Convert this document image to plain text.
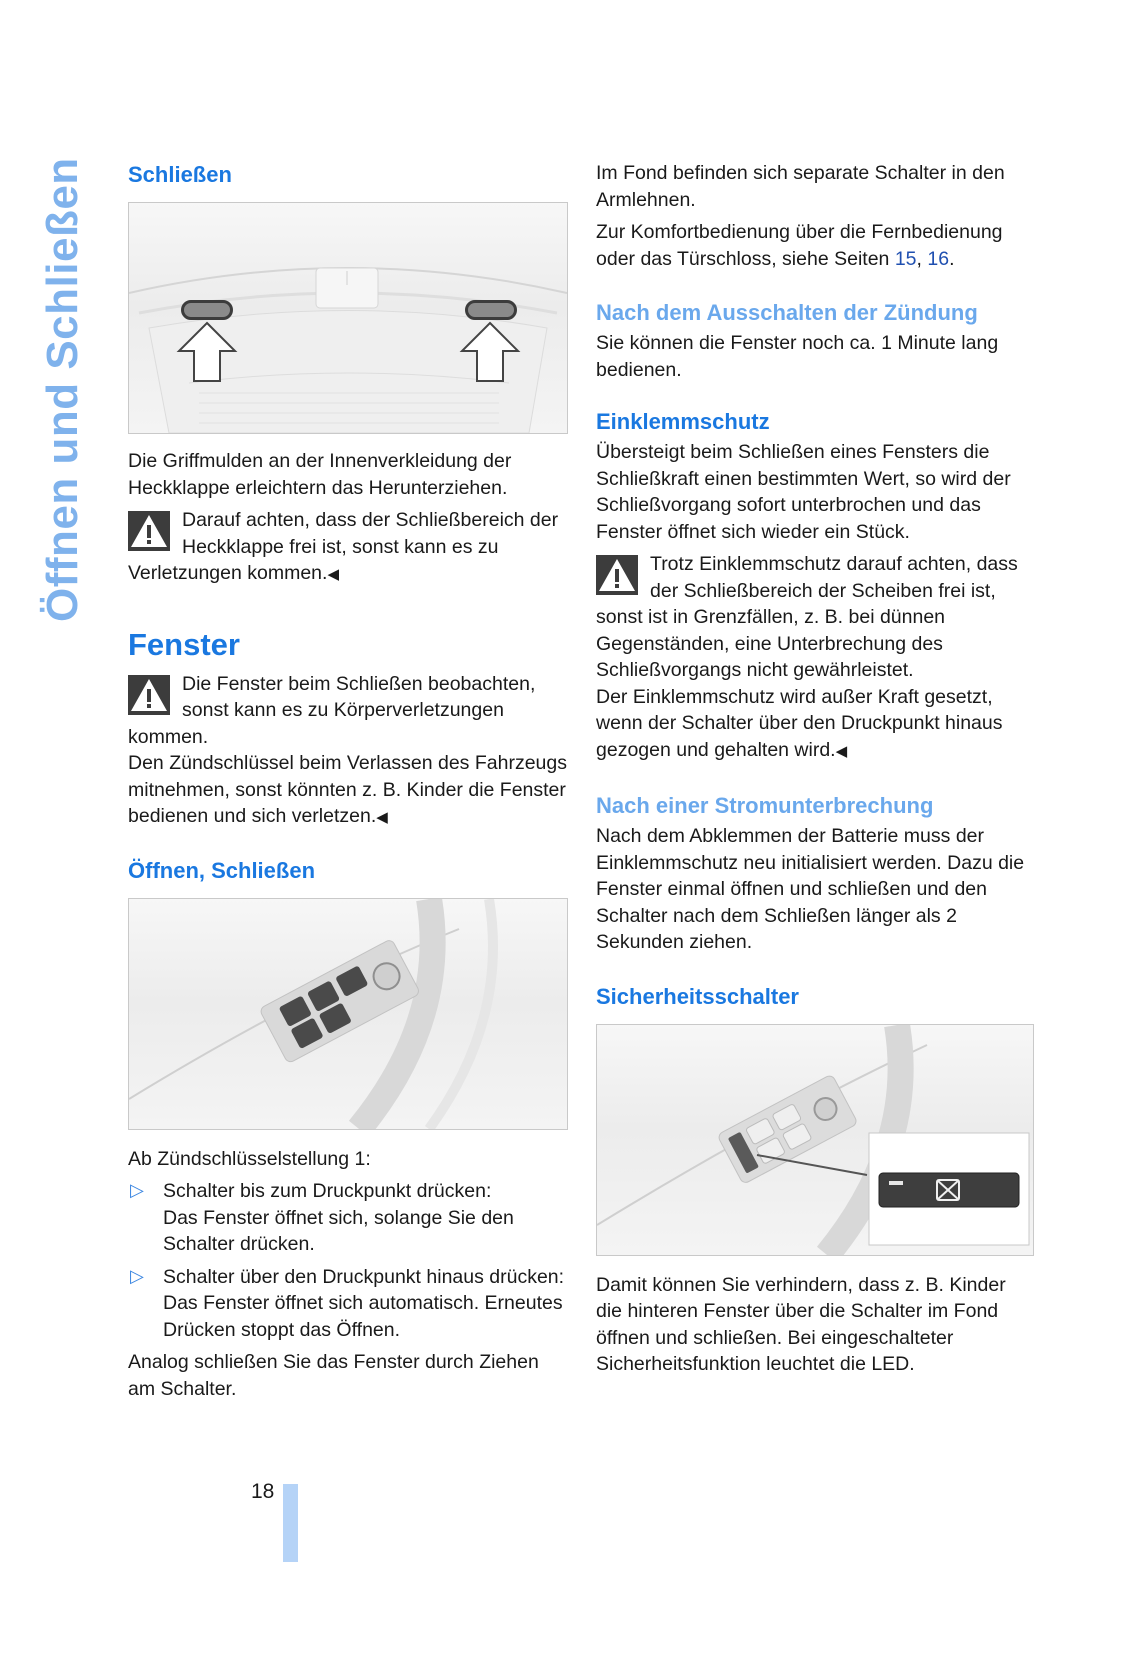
Öffnen und Schließen Schließen

Die Griffmulden an der Innenverkleidung der Heckklappe erleichtern das Herunterziehen.

Darauf achten, dass der Schließbereich der Heckklappe frei ist, sonst kann es zu Verletzungen kommen.◀

Fenster

Die Fenster beim Schließen beobachten, sonst kann es zu Körperverletzungen kommen.

Den Zündschlüssel beim Verlassen des Fahrzeugs mitnehmen, sonst könnten z. B. Kinder die Fenster bedienen und sich verletzen.◀

Öffnen, Schließen

Ab Zündschlüsselstellung 1:

▷ Schalter bis zum Druckpunkt drücken:

Das Fenster öffnet sich, solange Sie den Schalter drücken.

▷ Schalter über den Druckpunkt hinaus drücken:

Das Fenster öffnet sich automatisch. Erneutes Drücken stoppt das Öffnen.

Analog schließen Sie das Fenster durch Ziehen am Schalter.

Im Fond befinden sich separate Schalter in den Armlehnen.

Zur Komfortbedienung über die Fernbedienung oder das Türschloss, siehe Seiten 15, 16.

Nach dem Ausschalten der Zündung

Sie können die Fenster noch ca. 1 Minute lang bedienen.

Einklemmschutz

Übersteigt beim Schließen eines Fensters die Schließkraft einen bestimmten Wert, so wird der Schließvorgang sofort unterbrochen und das Fenster öffnet sich wieder ein Stück.

Trotz Einklemmschutz darauf achten, dass der Schließbereich der Scheiben frei ist, sonst ist in Grenzfällen, z. B. bei dünnen Gegenständen, eine Unterbrechung des Schließvorgangs nicht gewährleistet.

Der Einklemmschutz wird außer Kraft gesetzt, wenn der Schalter über den Druckpunkt hinaus gezogen und gehalten wird.◀

Nach einer Stromunterbrechung

Nach dem Abklemmen der Batterie muss der Einklemmschutz neu initialisiert werden. Dazu die Fenster einmal öffnen und schließen und den Schalter nach dem Schließen länger als 2 Sekunden ziehen.

Sicherheitsschalter

Damit können Sie verhindern, dass z. B. Kinder die hinteren Fenster über die Schalter im Fond öffnen und schließen. Bei eingeschalteter Sicherheitsfunktion leuchtet die LED.

18
